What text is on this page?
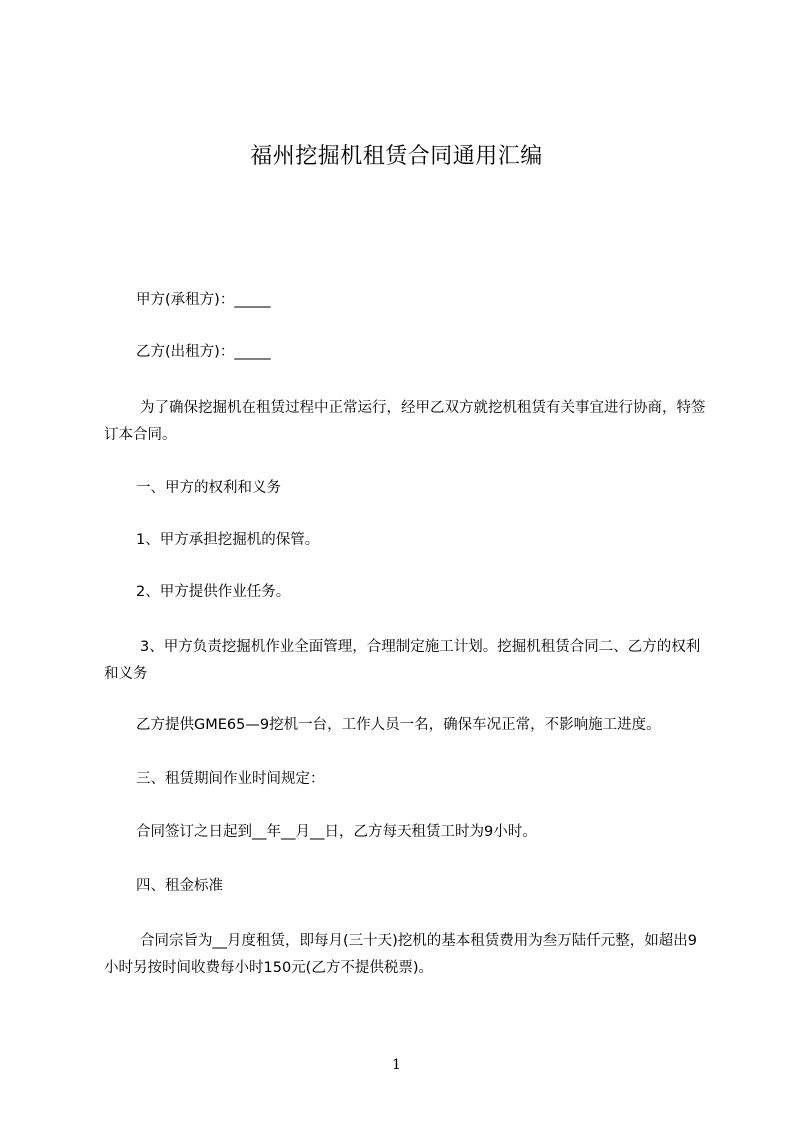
福州挖掘机租赁合同通用汇编
甲方(承租方)：_____
乙方(出租方)：_____
为了确保挖掘机在租赁过程中正常运行，经甲乙双方就挖机租赁有关事宜进行协商，特签订本合同。
一、甲方的权利和义务
1、甲方承担挖掘机的保管。
2、甲方提供作业任务。
3、甲方负责挖掘机作业全面管理，合理制定施工计划。挖掘机租赁合同二、乙方的权利和义务
乙方提供GME65—9挖机一台，工作人员一名，确保车况正常，不影响施工进度。
三、租赁期间作业时间规定：
合同签订之日起到__年__月__日，乙方每天租赁工时为9小时。
四、租金标准
合同宗旨为__月度租赁，即每月(三十天)挖机的基本租赁费用为叁万陆仟元整，如超出9小时另按时间收费每小时150元(乙方不提供税票)。
1
